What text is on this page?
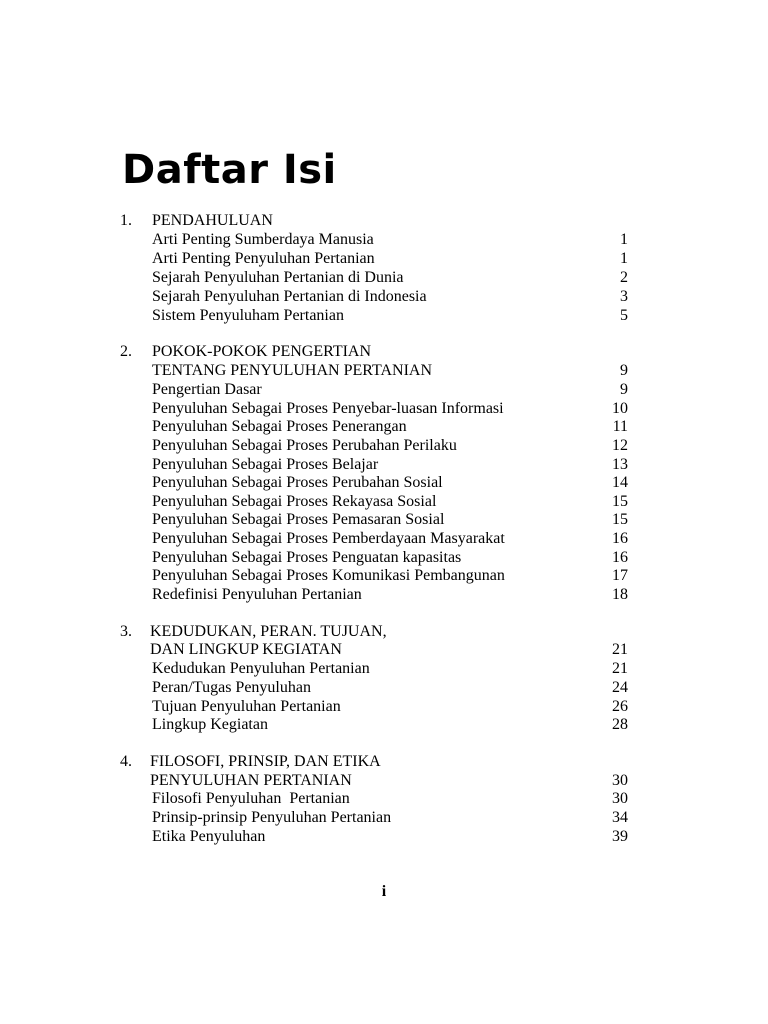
Daftar Isi
1. PENDAHULUAN
Arti Penting Sumberdaya Manusia	1
Arti Penting Penyuluhan Pertanian	1
Sejarah Penyuluhan Pertanian di Dunia	2
Sejarah Penyuluhan Pertanian di Indonesia	3
Sistem Penyuluham Pertanian	5
2. POKOK-POKOK PENGERTIAN
TENTANG PENYULUHAN PERTANIAN	9
Pengertian Dasar	9
Penyuluhan Sebagai Proses Penyebar-luasan Informasi	10
Penyuluhan Sebagai Proses Penerangan	11
Penyuluhan Sebagai Proses Perubahan Perilaku	12
Penyuluhan Sebagai Proses Belajar	13
Penyuluhan Sebagai Proses Perubahan Sosial	14
Penyuluhan Sebagai Proses Rekayasa Sosial	15
Penyuluhan Sebagai Proses Pemasaran Sosial	15
Penyuluhan Sebagai Proses Pemberdayaan Masyarakat	16
Penyuluhan Sebagai Proses Penguatan kapasitas	16
Penyuluhan Sebagai Proses Komunikasi Pembangunan	17
Redefinisi Penyuluhan Pertanian	18
3. KEDUDUKAN, PERAN. TUJUAN,
DAN LINGKUP KEGIATAN	21
Kedudukan Penyuluhan Pertanian	21
Peran/Tugas Penyuluhan	24
Tujuan Penyuluhan Pertanian	26
Lingkup Kegiatan	28
4. FILOSOFI, PRINSIP, DAN ETIKA
PENYULUHAN PERTANIAN	30
Filosofi Penyuluhan  Pertanian	30
Prinsip-prinsip Penyuluhan Pertanian	34
Etika Penyuluhan	39
i
